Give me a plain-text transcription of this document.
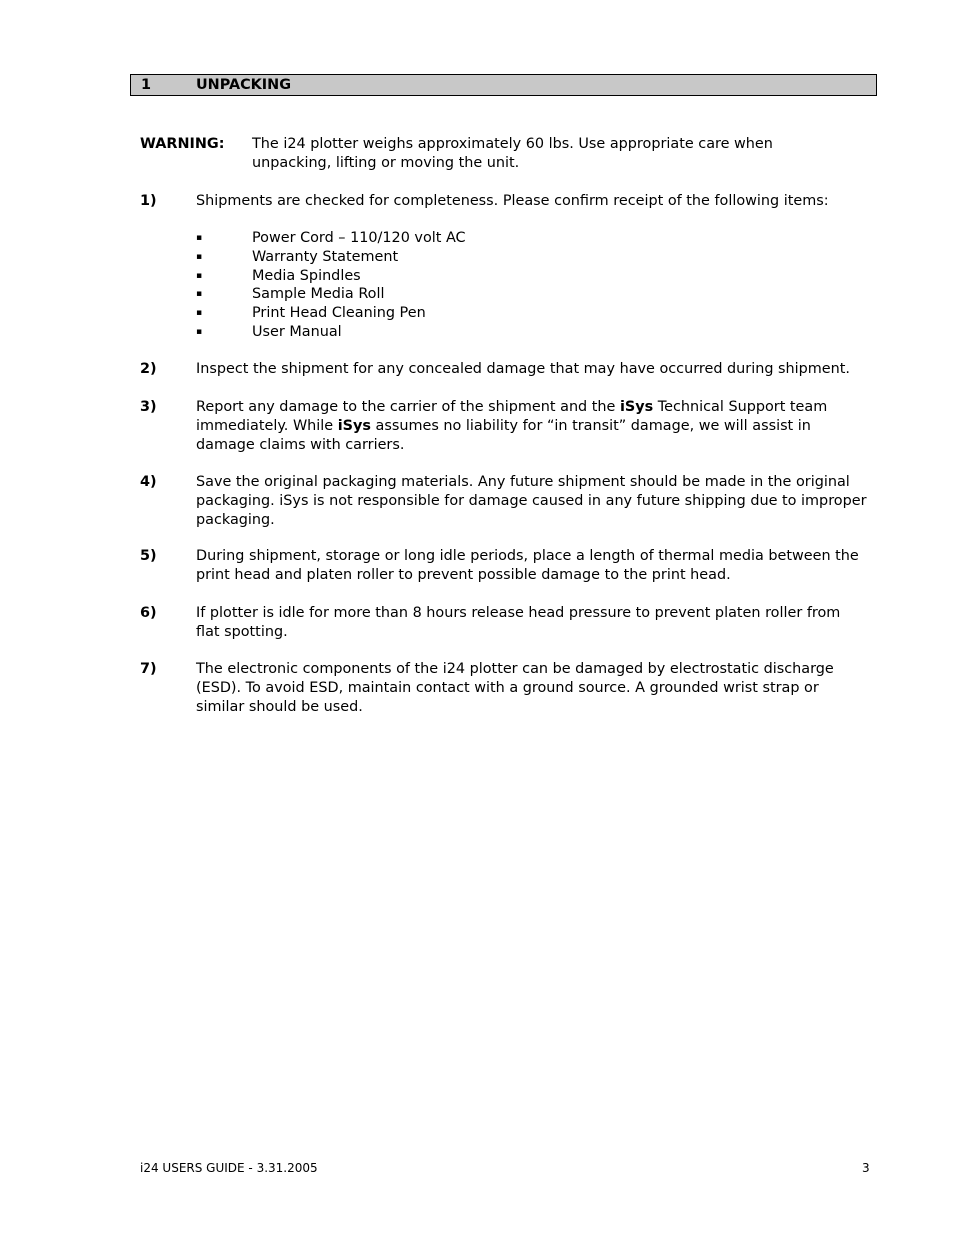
1	UNPACKING
WARNING: The i24 plotter weighs approximately 60 lbs. Use appropriate care when unpacking, lifting or moving the unit.
1)	Shipments are checked for completeness. Please confirm receipt of the following items:
▪	Power Cord – 110/120 volt AC
▪	Warranty Statement
▪	Media Spindles
▪	Sample Media Roll
▪	Print Head Cleaning Pen
▪	User Manual
2)	Inspect the shipment for any concealed damage that may have occurred during shipment.
3)	Report any damage to the carrier of the shipment and the iSys Technical Support team immediately. While iSys assumes no liability for “in transit” damage, we will assist in damage claims with carriers.
4)	Save the original packaging materials. Any future shipment should be made in the original packaging. iSys is not responsible for damage caused in any future shipping due to improper packaging.
5)	During shipment, storage or long idle periods, place a length of thermal media between the print head and platen roller to prevent possible damage to the print head.
6)	If plotter is idle for more than 8 hours release head pressure to prevent platen roller from flat spotting.
7)	The electronic components of the i24 plotter can be damaged by electrostatic discharge (ESD). To avoid ESD, maintain contact with a ground source. A grounded wrist strap or similar should be used.
i24 USERS GUIDE - 3.31.2005	3
